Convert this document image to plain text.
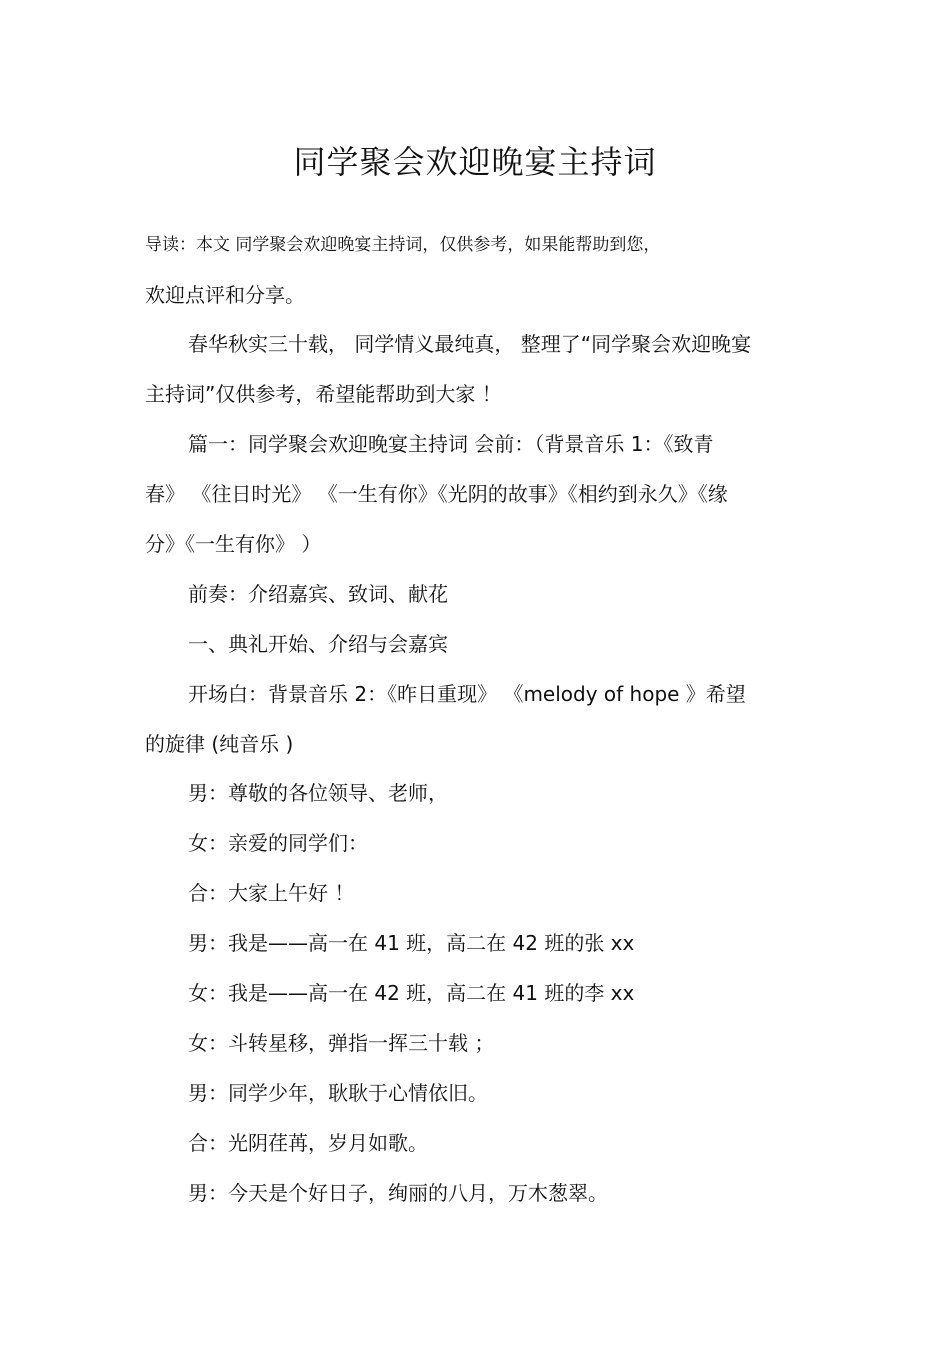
同学聚会欢迎晚宴主持词
导读：本文 同学聚会欢迎晚宴主持词，仅供参考，如果能帮助到您，
欢迎点评和分享。
春华秋实三十载， 同学情义最纯真， 整理了“同学聚会欢迎晚宴
主持词”仅供参考，希望能帮助到大家 ！
篇一：同学聚会欢迎晚宴主持词 会前：（背景音乐 1：《致青
春》 《往日时光》 《一生有你》《光阴的故事》《相约到永久》《缘
分》《一生有你》 ）
前奏：介绍嘉宾、致词、献花
一、典礼开始、介绍与会嘉宾
开场白：背景音乐 2：《昨日重现》 《melody of hope 》希望
的旋律 (纯音乐 )
男：尊敬的各位领导、老师，
女：亲爱的同学们：
合：大家上午好 ！
男：我是——高一在 41 班，高二在 42 班的张 xx
女：我是——高一在 42 班，高二在 41 班的李 xx
女：斗转星移，弹指一挥三十载 ；
男：同学少年，耿耿于心情依旧。
合：光阴荏苒，岁月如歌。
男：今天是个好日子，绚丽的八月，万木葱翠。
